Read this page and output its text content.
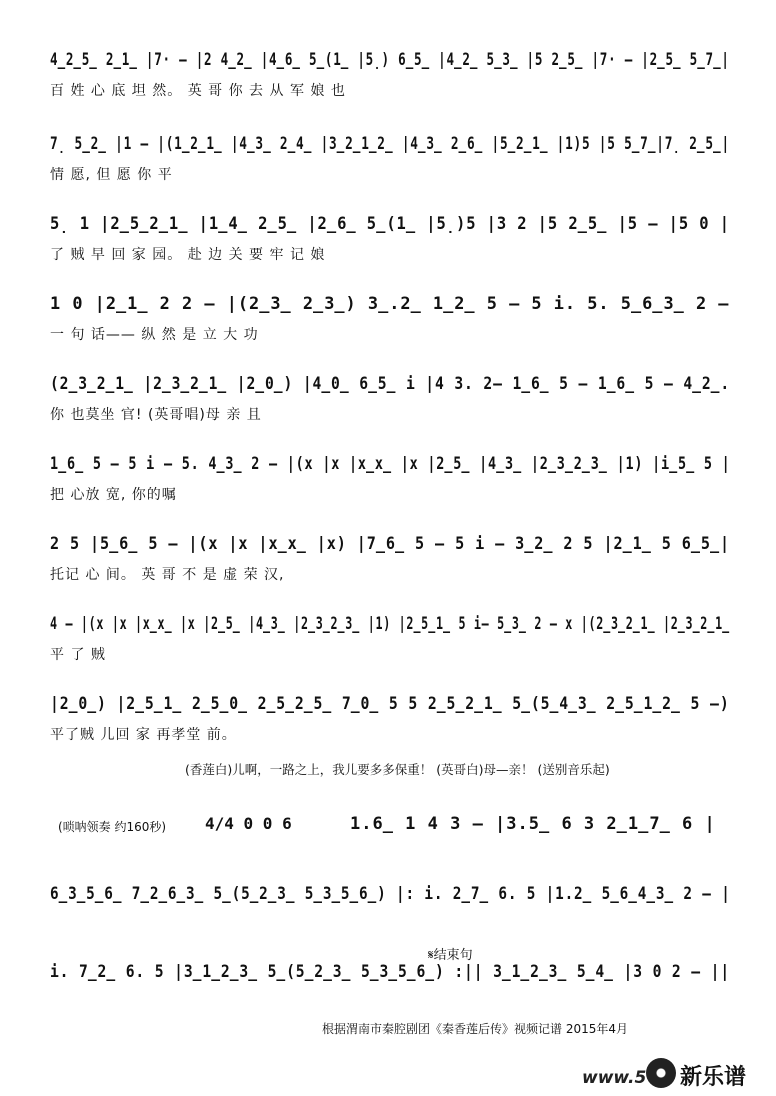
4̲2̲5̲ 2̲1̲ |7· – |2 4̲2̲ |4̲6̲ 5̲(1̲ |5̣) 6̲5̲ |4̲2̲ 5̲3̲ |5 2̲5̲ |7· – |2̲5̲ 5̲7̲|
百 姓 心 底 坦 然。 英 哥 你 去 从 军 娘 也
7̣ 5̲2̲ |1 – |(1̲2̲1̲ |4̲3̲ 2̲4̲ |3̲2̲1̲2̲ |4̲3̲ 2̲6̲ |5̲2̲1̲ |1)5 |5 5̲7̲|7̣ 2̲5̲|
情 愿, 但 愿 你 平
5̣ 1 |2̲5̲2̲1̲ |1̲4̲ 2̲5̲ |2̲6̲ 5̲(1̲ |5̣)5 |3 2 |5 2̲5̲ |5 – |5 0 |
了 贼 早 回 家 园。 赴 边 关 要 牢 记 娘
1 0 |2̲1̲ 2 2 – |(2̲3̲ 2̲3̲) 3̲.2̲ 1̲2̲ 5 – 5 i. 5. 5̲6̲3̲ 2 –
一 句 话—— 纵 然 是 立 大 功
(2̲3̲2̲1̲ |2̲3̲2̲1̲ |2̲0̲) |4̲0̲ 6̲5̲ i |4 3. 2– 1̲6̲ 5 – 1̲6̲ 5 – 4̲2̲.
你 也莫坐 官! (英哥唱)母 亲 且
1̲6̲ 5 – 5 i – 5. 4̲3̲ 2 – |(x |x |x̲x̲ |x |2̲5̲ |4̲3̲ |2̲3̲2̲3̲ |1) |i̲5̲ 5 |
把 心放 宽, 你的嘱
2 5 |5̲6̲ 5 – |(x |x |x̲x̲ |x) |7̲6̲ 5 – 5 i – 3̲2̲ 2 5 |2̲1̲ 5 6̲5̲|
托记 心 间。 英 哥 不 是 虚 荣 汉,
4 – |(x |x |x̲x̲ |x |2̲5̲ |4̲3̲ |2̲3̲2̲3̲ |1) |2̲5̲1̲ 5 i– 5̲3̲ 2 – x |(2̲3̲2̲1̲ |2̲3̲2̲1̲
平 了 贼
|2̲0̲) |2̲5̲1̲ 2̲5̲0̲ 2̲5̲2̲5̲ 7̲0̲ 5 5 2̲5̲2̲1̲ 5̲(5̲4̲3̲ 2̲5̲1̲2̲ 5 –)
平了贼 儿回 家 再孝堂 前。
(香莲白)儿啊，一路之上，我儿要多多保重！ (英哥白)母—亲！ (送别音乐起)
(唢呐领奏 约160秒) 4/4 0 0 6	1.6̲ 1 4 3 – |3.5̲ 6 3 2̲1̲7̲ 6 |
6̲3̲5̲6̲ 7̲2̲6̲3̲ 5̲(5̲2̲3̲ 5̲3̲5̲6̲) |: i. 2̲7̲ 6. 5 |1.2̲ 5̲6̲4̲3̲ 2 – |
i. 7̲2̲ 6. 5 |3̲1̲2̲3̲ 5̲(5̲2̲3̲ 5̲3̲5̲6̲) :|| 3̲1̲2̲3̲ 5̲4̲ |3 0 2 – ||
𝄋结束句
根据渭南市秦腔剧团《秦香莲后传》视频记谱 2015年4月
www.5 新乐谱
